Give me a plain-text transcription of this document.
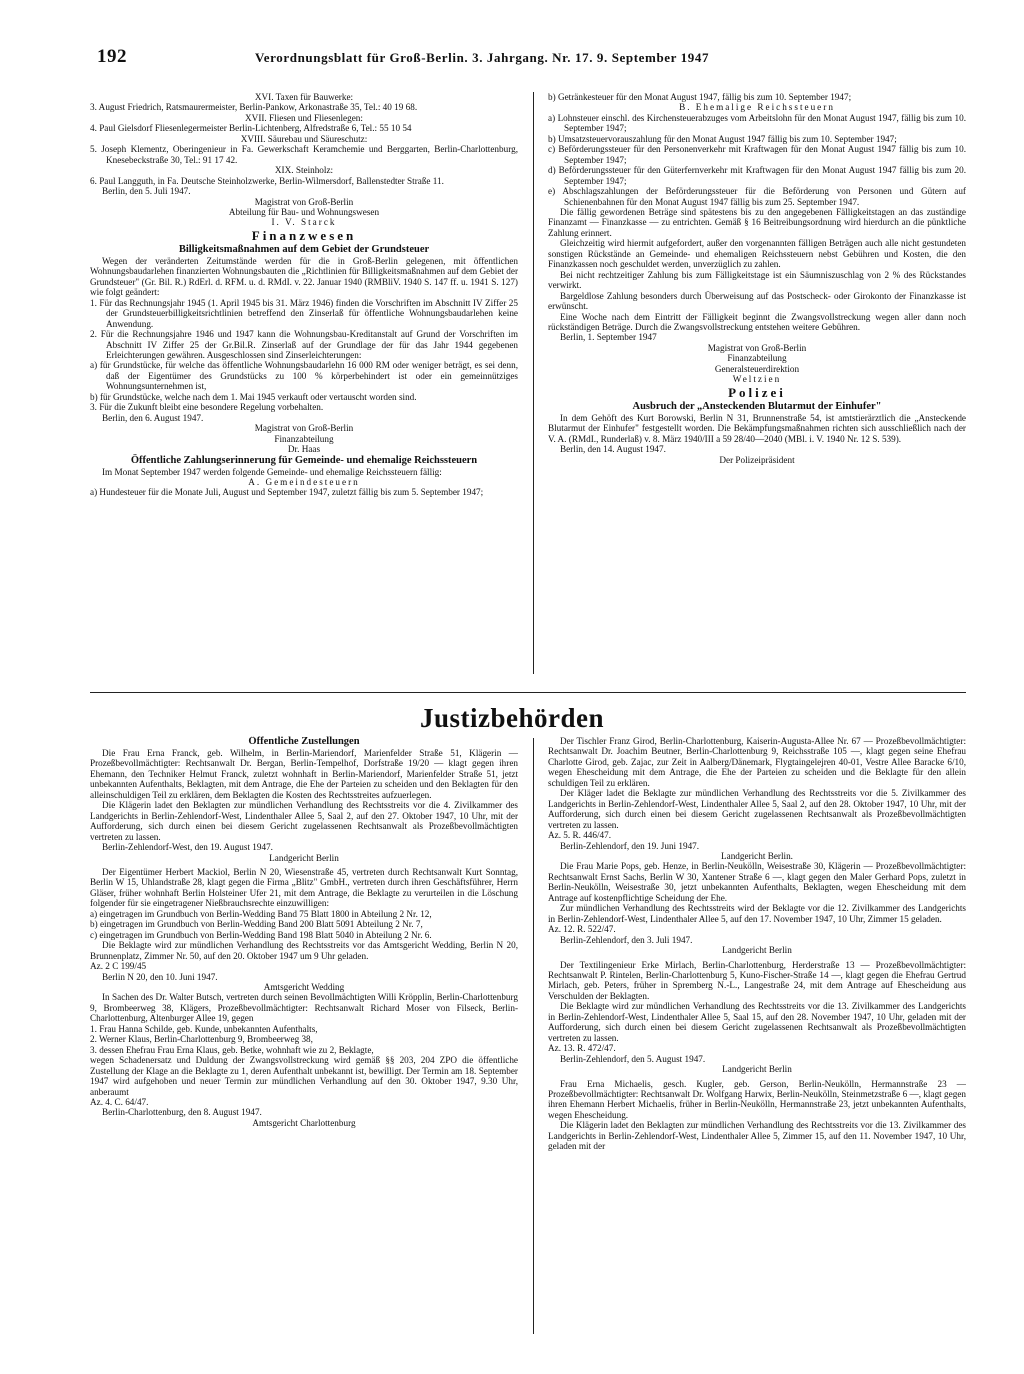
192	Verordnungsblatt für Groß-Berlin. 3. Jahrgang. Nr. 17. 9. September 1947

XVI. Taxen für Bauwerke:

3. August Friedrich, Ratsmaurermeister, Berlin-Pankow, Arkonastraße 35, Tel.: 40 19 68.

XVII. Fliesen und Fliesenlegen:

4. Paul Gielsdorf Fliesenlegermeister Berlin-Lichtenberg, Alfredstraße 6, Tel.: 55 10 54

XVIII. Säurebau und Säureschutz:

5. Joseph Klementz, Oberingenieur in Fa. Gewerkschaft Keramchemie und Berggarten, Berlin-Charlottenburg, Knesebeckstraße 30, Tel.: 91 17 42.

XIX. Steinholz:

6. Paul Langguth, in Fa. Deutsche Steinholzwerke, Berlin-Wilmersdorf, Ballenstedter Straße 11.

Berlin, den 5. Juli 1947.

Magistrat von Groß-Berlin

Abteilung für Bau- und Wohnungswesen

I. V. Starck

Finanzwesen

Billigkeitsmaßnahmen auf dem Gebiet der Grundsteuer

Wegen der veränderten Zeitumstände werden für die in Groß-Berlin gelegenen, mit öffentlichen Wohnungsbaudarlehen finanzierten Wohnungsbauten die „Richtlinien für Billigkeitsmaßnahmen auf dem Gebiet der Grundsteuer" (Gr. Bil. R.) RdErl. d. RFM. u. d. RMdI. v. 22. Januar 1940 (RMBliV. 1940 S. 147 ff. u. 1941 S. 127) wie folgt geändert:

1. Für das Rechnungsjahr 1945 (1. April 1945 bis 31. März 1946) finden die Vorschriften im Abschnitt IV Ziffer 25 der Grundsteuerbilligkeitsrichtlinien betreffend den Zinserlaß für öffentliche Wohnungsbaudarlehen keine Anwendung.

2. Für die Rechnungsjahre 1946 und 1947 kann die Wohnungsbau-Kreditanstalt auf Grund der Vorschriften im Abschnitt IV Ziffer 25 der Gr.Bil.R. Zinserlaß auf der Grundlage der für das Jahr 1944 gegebenen Erleichterungen gewähren. Ausgeschlossen sind Zinserleichterungen:

a) für Grundstücke, für welche das öffentliche Wohnungsbaudarlehn 16 000 RM oder weniger beträgt, es sei denn, daß der Eigentümer des Grundstücks zu 100 % körperbehindert ist oder ein gemeinnütziges Wohnungsunternehmen ist,

b) für Grundstücke, welche nach dem 1. Mai 1945 verkauft oder vertauscht worden sind.

3. Für die Zukunft bleibt eine besondere Regelung vorbehalten.

Berlin, den 6. August 1947.

Magistrat von Groß-Berlin

Finanzabteilung

Dr. Haas

Öffentliche Zahlungserinnerung für Gemeinde- und ehemalige Reichssteuern

Im Monat September 1947 werden folgende Gemeinde- und ehemalige Reichssteuern fällig:

A. Gemeindesteuern

a) Hundesteuer für die Monate Juli, August und September 1947, zuletzt fällig bis zum 5. September 1947;

b) Getränkesteuer für den Monat August 1947, fällig bis zum 10. September 1947;

B. Ehemalige Reichssteuern

a) Lohnsteuer einschl. des Kirchensteuerabzuges vom Arbeitslohn für den Monat August 1947, fällig bis zum 10. September 1947;

b) Umsatzsteuervorauszahlung für den Monat August 1947 fällig bis zum 10. September 1947;

c) Beförderungssteuer für den Personenverkehr mit Kraftwagen für den Monat August 1947 fällig bis zum 10. September 1947;

d) Beförderungssteuer für den Güterfernverkehr mit Kraftwagen für den Monat August 1947 fällig bis zum 20. September 1947;

e) Abschlagszahlungen der Beförderungssteuer für die Beförderung von Personen und Gütern auf Schienenbahnen für den Monat August 1947 fällig bis zum 25. September 1947.

Die fällig gewordenen Beträge sind spätestens bis zu den angegebenen Fälligkeitstagen an das zuständige Finanzamt — Finanzkasse — zu entrichten. Gemäß § 16 Beitreibungsordnung wird hierdurch an die pünktliche Zahlung erinnert.

Gleichzeitig wird hiermit aufgefordert, außer den vorgenannten fälligen Beträgen auch alle nicht gestundeten sonstigen Rückstände an Gemeinde- und ehemaligen Reichssteuern nebst Gebühren und Kosten, die den Finanzkassen noch geschuldet werden, unverzüglich zu zahlen.

Bei nicht rechtzeitiger Zahlung bis zum Fälligkeitstage ist ein Säumniszuschlag von 2 % des Rückstandes verwirkt.

Bargeldlose Zahlung besonders durch Überweisung auf das Postscheck- oder Girokonto der Finanzkasse ist erwünscht.

Eine Woche nach dem Eintritt der Fälligkeit beginnt die Zwangsvollstreckung wegen aller dann noch rückständigen Beträge. Durch die Zwangsvollstreckung entstehen weitere Gebühren.

Berlin, 1. September 1947

Magistrat von Groß-Berlin

Finanzabteilung

Generalsteuerdirektion

Weltzien

Polizei

Ausbruch der „Ansteckenden Blutarmut der Einhufer"

In dem Gehöft des Kurt Borowski, Berlin N 31, Brunnenstraße 54, ist amtstierärztlich die „Ansteckende Blutarmut der Einhufer" festgestellt worden. Die Bekämpfungsmaßnahmen richten sich ausschließlich nach der V. A. (RMdI., Runderlaß) v. 8. März 1940/III a 59 28/40—2040 (MBl. i. V. 1940 Nr. 12 S. 539).

Berlin, den 14. August 1947.

Der Polizeipräsident

Justizbehörden

Öffentliche Zustellungen

Die Frau Erna Franck, geb. Wilhelm, in Berlin-Mariendorf, Marienfelder Straße 51, Klägerin — Prozeßbevollmächtigter: Rechtsanwalt Dr. Bergan, Berlin-Tempelhof, Dorfstraße 19/20 — klagt gegen ihren Ehemann, den Techniker Helmut Franck, zuletzt wohnhaft in Berlin-Mariendorf, Marienfelder Straße 51, jetzt unbekannten Aufenthalts, Beklagten, mit dem Antrage, die Ehe der Parteien zu scheiden und den Beklagten für den alleinschuldigen Teil zu erklären, dem Beklagten die Kosten des Rechtsstreites aufzuerlegen.

Die Klägerin ladet den Beklagten zur mündlichen Verhandlung des Rechtsstreits vor die 4. Zivilkammer des Landgerichts in Berlin-Zehlendorf-West, Lindenthaler Allee 5, Saal 2, auf den 27. Oktober 1947, 10 Uhr, mit der Aufforderung, sich durch einen bei diesem Gericht zugelassenen Rechtsanwalt als Prozeßbevollmächtigten vertreten zu lassen.

Berlin-Zehlendorf-West, den 19. August 1947.

Landgericht Berlin

Der Eigentümer Herbert Mackiol, Berlin N 20, Wiesenstraße 45, vertreten durch Rechtsanwalt Kurt Sonntag, Berlin W 15, Uhlandstraße 28, klagt gegen die Firma „Blitz" GmbH., vertreten durch ihren Geschäftsführer, Herrn Gläser, früher wohnhaft Berlin Holsteiner Ufer 21, mit dem Antrage, die Beklagte zu verurteilen in die Löschung folgender für sie eingetragener Nießbrauchsrechte einzuwilligen:

a) eingetragen im Grundbuch von Berlin-Wedding Band 75 Blatt 1800 in Abteilung 2 Nr. 12,

b) eingetragen im Grundbuch von Berlin-Wedding Band 200 Blatt 5091 Abteilung 2 Nr. 7,

c) eingetragen im Grundbuch von Berlin-Wedding Band 198 Blatt 5040 in Abteilung 2 Nr. 6.

Die Beklagte wird zur mündlichen Verhandlung des Rechtsstreits vor das Amtsgericht Wedding, Berlin N 20, Brunnenplatz, Zimmer Nr. 50, auf den 20. Oktober 1947 um 9 Uhr geladen.

Az. 2 C 199/45

Berlin N 20, den 10. Juni 1947.

Amtsgericht Wedding

In Sachen des Dr. Walter Butsch, vertreten durch seinen Bevollmächtigten Willi Kröpplin, Berlin-Charlottenburg 9, Brombeerweg 38, Klägers, Prozeßbevollmächtigter: Rechtsanwalt Richard Moser von Filseck, Berlin-Charlottenburg, Altenburger Allee 19, gegen

1. Frau Hanna Schilde, geb. Kunde, unbekannten Aufenthalts,

2. Werner Klaus, Berlin-Charlottenburg 9, Brombeerweg 38,

3. dessen Ehefrau Frau Erna Klaus, geb. Betke, wohnhaft wie zu 2, Beklagte,

wegen Schadenersatz und Duldung der Zwangsvollstreckung wird gemäß §§ 203, 204 ZPO die öffentliche Zustellung der Klage an die Beklagte zu 1, deren Aufenthalt unbekannt ist, bewilligt. Der Termin am 18. September 1947 wird aufgehoben und neuer Termin zur mündlichen Verhandlung auf den 30. Oktober 1947, 9.30 Uhr, anberaumt

Az. 4. C. 64/47.

Berlin-Charlottenburg, den 8. August 1947.

Amtsgericht Charlottenburg

Der Tischler Franz Girod, Berlin-Charlottenburg, Kaiserin-Augusta-Allee Nr. 67 — Prozeßbevollmächtigter: Rechtsanwalt Dr. Joachim Beutner, Berlin-Charlottenburg 9, Reichsstraße 105 —, klagt gegen seine Ehefrau Charlotte Girod, geb. Zajac, zur Zeit in Aalberg/Dänemark, Flygtaingelejren 40-01, Vestre Allee Baracke 6/10, wegen Ehescheidung mit dem Antrage, die Ehe der Parteien zu scheiden und die Beklagte für den allein schuldigen Teil zu erklären.

Der Kläger ladet die Beklagte zur mündlichen Verhandlung des Rechtsstreits vor die 5. Zivilkammer des Landgerichts in Berlin-Zehlendorf-West, Lindenthaler Allee 5, Saal 2, auf den 28. Oktober 1947, 10 Uhr, mit der Aufforderung, sich durch einen bei diesem Gericht zugelassenen Rechtsanwalt als Prozeßbevollmächtigten vertreten zu lassen.

Az. 5. R. 446/47.

Berlin-Zehlendorf, den 19. Juni 1947.

Landgericht Berlin.

Die Frau Marie Pops, geb. Henze, in Berlin-Neukölln, Weisestraße 30, Klägerin — Prozeßbevollmächtigter: Rechtsanwalt Ernst Sachs, Berlin W 30, Xantener Straße 6 —, klagt gegen den Maler Gerhard Pops, zuletzt in Berlin-Neukölln, Weisestraße 30, jetzt unbekannten Aufenthalts, Beklagten, wegen Ehescheidung mit dem Antrage auf kostenpflichtige Scheidung der Ehe.

Zur mündlichen Verhandlung des Rechtsstreits wird der Beklagte vor die 12. Zivilkammer des Landgerichts in Berlin-Zehlendorf-West, Lindenthaler Allee 5, auf den 17. November 1947, 10 Uhr, Zimmer 15 geladen.

Az. 12. R. 522/47.

Berlin-Zehlendorf, den 3. Juli 1947.

Landgericht Berlin

Der Textilingenieur Erke Mirlach, Berlin-Charlottenburg, Herderstraße 13 — Prozeßbevollmächtigter: Rechtsanwalt P. Rintelen, Berlin-Charlottenburg 5, Kuno-Fischer-Straße 14 —, klagt gegen die Ehefrau Gertrud Mirlach, geb. Peters, früher in Spremberg N.-L., Langestraße 24, mit dem Antrage auf Ehescheidung aus Verschulden der Beklagten.

Die Beklagte wird zur mündlichen Verhandlung des Rechtsstreits vor die 13. Zivilkammer des Landgerichts in Berlin-Zehlendorf-West, Lindenthaler Allee 5, Saal 15, auf den 28. November 1947, 10 Uhr, geladen mit der Aufforderung, sich durch einen bei diesem Gericht zugelassenen Rechtsanwalt als Prozeßbevollmächtigten vertreten zu lassen.

Az. 13. R. 472/47.

Berlin-Zehlendorf, den 5. August 1947.

Landgericht Berlin

Frau Erna Michaelis, gesch. Kugler, geb. Gerson, Berlin-Neukölln, Hermannstraße 23 — Prozeßbevollmächtigter: Rechtsanwalt Dr. Wolfgang Harwix, Berlin-Neukölln, Steinmetzstraße 6 —, klagt gegen ihren Ehemann Herbert Michaelis, früher in Berlin-Neukölln, Hermannstraße 23, jetzt unbekannten Aufenthalts, wegen Ehescheidung.

Die Klägerin ladet den Beklagten zur mündlichen Verhandlung des Rechtsstreits vor die 13. Zivilkammer des Landgerichts in Berlin-Zehlendorf-West, Lindenthaler Allee 5, Zimmer 15, auf den 11. November 1947, 10 Uhr, geladen mit der
